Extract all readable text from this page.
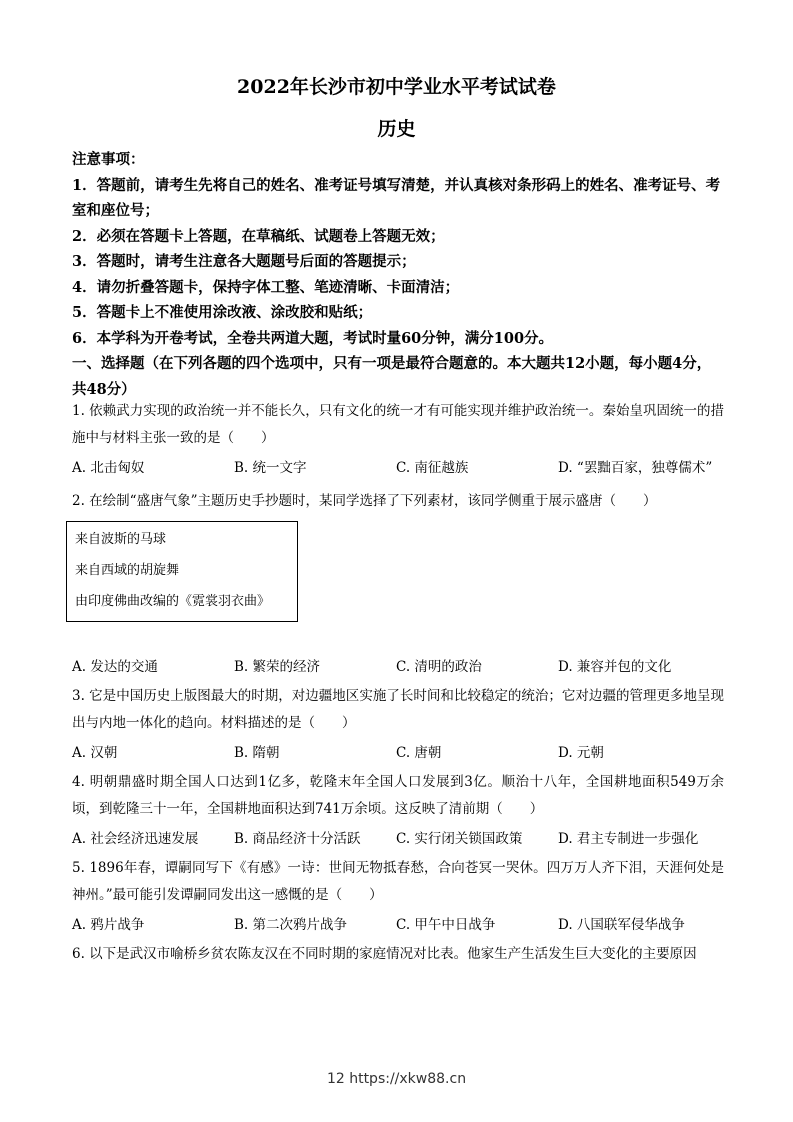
2022年长沙市初中学业水平考试试卷
历史
注意事项：
1．答题前，请考生先将自己的姓名、准考证号填写清楚，并认真核对条形码上的姓名、准考证号、考室和座位号；
2．必须在答题卡上答题，在草稿纸、试题卷上答题无效；
3．答题时，请考生注意各大题题号后面的答题提示；
4．请勿折叠答题卡，保持字体工整、笔迹清晰、卡面清洁；
5．答题卡上不准使用涂改液、涂改胶和贴纸；
6．本学科为开卷考试，全卷共两道大题，考试时量60分钟，满分100分。
一、选择题（在下列各题的四个选项中，只有一项是最符合题意的。本大题共12小题，每小题4分，共48分）
1. 依赖武力实现的政治统一并不能长久，只有文化的统一才有可能实现并维护政治统一。秦始皇巩固统一的措施中与材料主张一致的是（　　）
A. 北击匈奴	B. 统一文字	C. 南征越族	D. “罢黜百家，独尊儒术”
2. 在绘制“盛唐气象”主题历史手抄题时，某同学选择了下列素材，该同学侧重于展示盛唐（　　）
来自波斯的马球
来自西域的胡旋舞
由印度佛曲改编的《霓裳羽衣曲》
A. 发达的交通	B. 繁荣的经济	C. 清明的政治	D. 兼容并包的文化
3. 它是中国历史上版图最大的时期，对边疆地区实施了长时间和比较稳定的统治；它对边疆的管理更多地呈现出与内地一体化的趋向。材料描述的是（　　）
A. 汉朝	B. 隋朝	C. 唐朝	D. 元朝
4. 明朝鼎盛时期全国人口达到1亿多，乾隆末年全国人口发展到3亿。顺治十八年，全国耕地面积549万余顷，到乾隆三十一年，全国耕地面积达到741万余顷。这反映了清前期（　　）
A. 社会经济迅速发展	B. 商品经济十分活跃	C. 实行闭关锁国政策	D. 君主专制进一步强化
5. 1896年春，谭嗣同写下《有感》一诗：世间无物抵春愁，合向苍冥一哭休。四万万人齐下泪，天涯何处是神州。”最可能引发谭嗣同发出这一感慨的是（　　）
A. 鸦片战争	B. 第二次鸦片战争	C. 甲午中日战争	D. 八国联军侵华战争
6. 以下是武汉市喻桥乡贫农陈友汉在不同时期的家庭情况对比表。他家生产生活发生巨大变化的主要原因
12 https://xkw88.cn
